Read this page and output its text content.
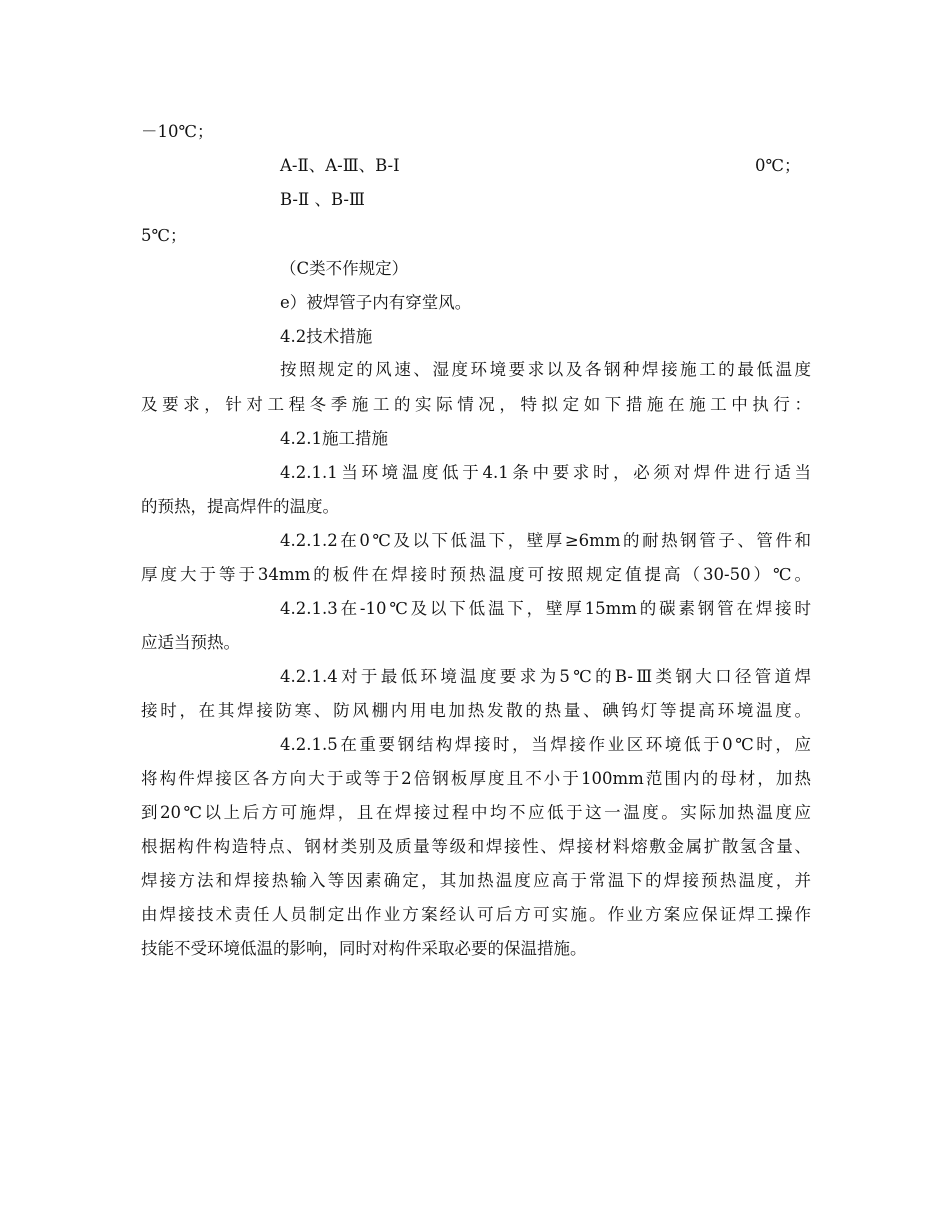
－10℃；
A-Ⅱ、A-Ⅲ、B-Ⅰ	0℃；
B-Ⅱ 、B-Ⅲ
5℃；
（C类不作规定）
e）被焊管子内有穿堂风。
4.2技术措施
按照规定的风速、湿度环境要求以及各钢种焊接施工的最低温度
及要求，针对工程冬季施工的实际情况，特拟定如下措施在施工中执行：
4.2.1施工措施
4.2.1.1当环境温度低于4.1条中要求时，必须对焊件进行适当
的预热，提高焊件的温度。
4.2.1.2在0℃及以下低温下，壁厚≥6mm的耐热钢管子、管件和
厚度大于等于34mm的板件在焊接时预热温度可按照规定值提高（30-50）℃。
4.2.1.3在-10℃及以下低温下，壁厚15mm的碳素钢管在焊接时
应适当预热。
4.2.1.4对于最低环境温度要求为5℃的B-Ⅲ类钢大口径管道焊
接时，在其焊接防寒、防风棚内用电加热发散的热量、碘钨灯等提高环境温度。
4.2.1.5在重要钢结构焊接时，当焊接作业区环境低于0℃时，应
将构件焊接区各方向大于或等于2倍钢板厚度且不小于100mm范围内的母材，加热
到20℃以上后方可施焊，且在焊接过程中均不应低于这一温度。实际加热温度应
根据构件构造特点、钢材类别及质量等级和焊接性、焊接材料熔敷金属扩散氢含量、
焊接方法和焊接热输入等因素确定，其加热温度应高于常温下的焊接预热温度，并
由焊接技术责任人员制定出作业方案经认可后方可实施。作业方案应保证焊工操作
技能不受环境低温的影响，同时对构件采取必要的保温措施。
